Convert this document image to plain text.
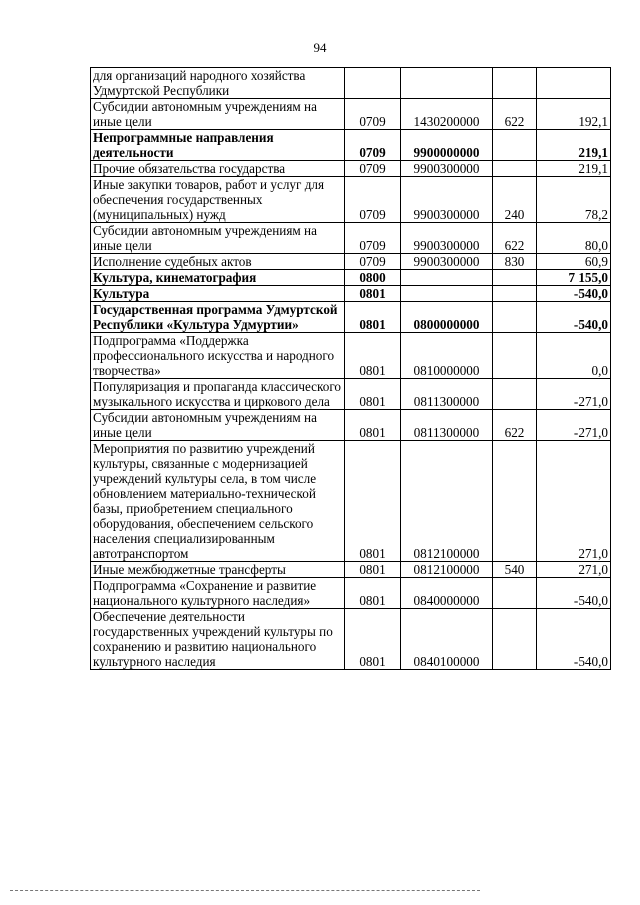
94
для организаций народного хозяйства Удмуртской Республики				
Субсидии автономным учреждениям на иные цели	0709	1430200000	622	192,1
Непрограммные направления деятельности	0709	9900000000		219,1
Прочие обязательства государства	0709	9900300000		219,1
Иные закупки товаров, работ и услуг для обеспечения государственных (муниципальных) нужд	0709	9900300000	240	78,2
Субсидии автономным учреждениям на иные цели	0709	9900300000	622	80,0
Исполнение судебных актов	0709	9900300000	830	60,9
Культура, кинематография	0800			7 155,0
Культура	0801			-540,0
Государственная программа Удмуртской Республики «Культура Удмуртии»	0801	0800000000		-540,0
Подпрограмма «Поддержка профессионального искусства и народного творчества»	0801	0810000000		0,0
Популяризация и пропаганда классического музыкального искусства и циркового дела	0801	0811300000		-271,0
Субсидии автономным учреждениям на иные цели	0801	0811300000	622	-271,0
Мероприятия по развитию учреждений культуры, связанные с модернизацией учреждений культуры села, в том числе обновлением материально-технической базы, приобретением специального оборудования, обеспечением сельского населения специализированным автотранспортом	0801	0812100000		271,0
Иные межбюджетные трансферты	0801	0812100000	540	271,0
Подпрограмма «Сохранение и развитие национального культурного наследия»	0801	0840000000		-540,0
Обеспечение деятельности государственных учреждений культуры по сохранению и развитию национального культурного наследия	0801	0840100000		-540,0
